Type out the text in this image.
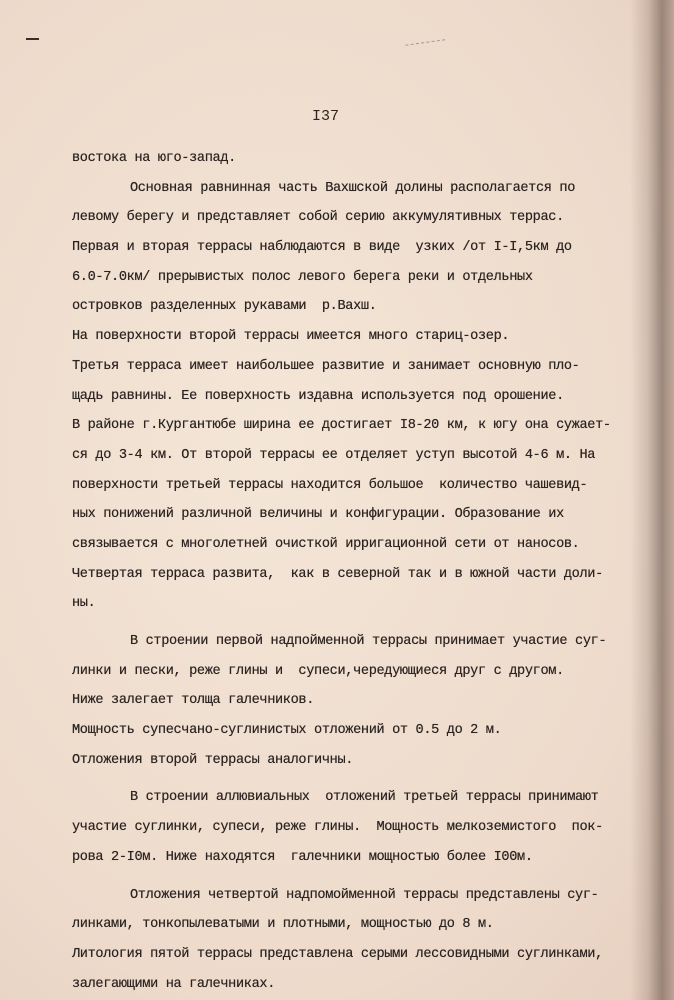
I37
востока на юго-запад.
Основная равнинная часть Вахшской долины располагается по
левому берегу и представляет собой серию аккумулятивных террас.
Первая и вторая террасы наблюдаются в виде  узких /от I-I,5км до
6.0-7.0км/ прерывистых полос левого берега реки и отдельных
островков разделенных рукавами  р.Вахш.
На поверхности второй террасы имеется много стариц-озер.
Третья терраса имеет наибольшее развитие и занимает основную пло-
щадь равнины. Ее поверхность издавна используется под орошение.
В районе г.Кургантюбе ширина ее достигает I8-20 км, к югу она сужает-
ся до 3-4 км. От второй террасы ее отделяет уступ высотой 4-6 м. На
поверхности третьей террасы находится большое  количество чашевид-
ных понижений различной величины и конфигурации. Образование их
связывается с многолетней очисткой ирригационной сети от наносов.
Четвертая терраса развита,  как в северной так и в южной части доли-
ны.
В строении первой надпойменной террасы принимает участие суг-
линки и пески, реже глины и  супеси,чередующиеся друг с другом.
Ниже залегает толща галечников.
Мощность супесчано-суглинистых отложений от 0.5 до 2 м.
Отложения второй террасы аналогичны.
В строении аллювиальных  отложений третьей террасы принимают
участие суглинки, супеси, реже глины.  Мощность мелкоземистого  пок-
рова 2-I0м. Ниже находятся  галечники мощностью более I00м.
Отложения четвертой надпомойменной террасы представлены суг-
линками, тонкопылеватыми и плотными, мощностью до 8 м.
Литология пятой террасы представлена серыми лессовидными суглинками,
залегающими на галечниках.
